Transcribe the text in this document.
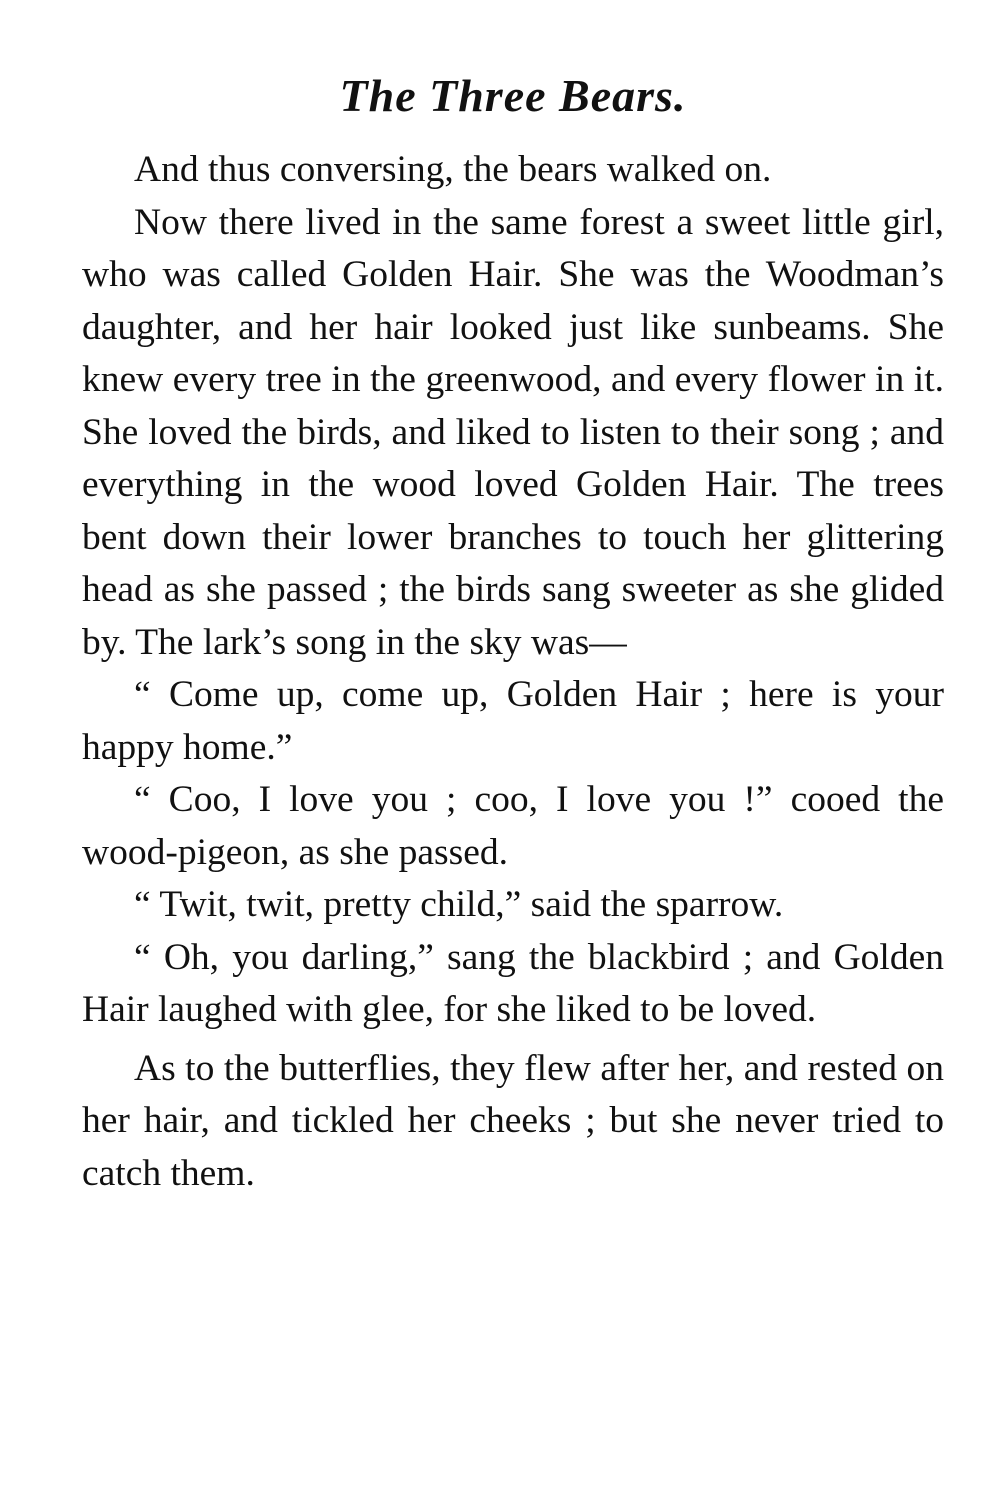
The Three Bears.

And thus conversing, the bears walked on.

Now there lived in the same forest a sweet little girl, who was called Golden Hair. She was the Woodman’s daughter, and her hair looked just like sunbeams. She knew every tree in the greenwood, and every flower in it. She loved the birds, and liked to listen to their song ; and everything in the wood loved Golden Hair. The trees bent down their lower branches to touch her glittering head as she passed ; the birds sang sweeter as she glided by. The lark’s song in the sky was—

“ Come up, come up, Golden Hair ; here is your happy home.”

“ Coo, I love you ; coo, I love you !” cooed the wood-pigeon, as she passed.

“ Twit, twit, pretty child,” said the sparrow.

“ Oh, you darling,” sang the blackbird ; and Golden Hair laughed with glee, for she liked to be loved.

As to the butterflies, they flew after her, and rested on her hair, and tickled her cheeks ; but she never tried to catch them.
